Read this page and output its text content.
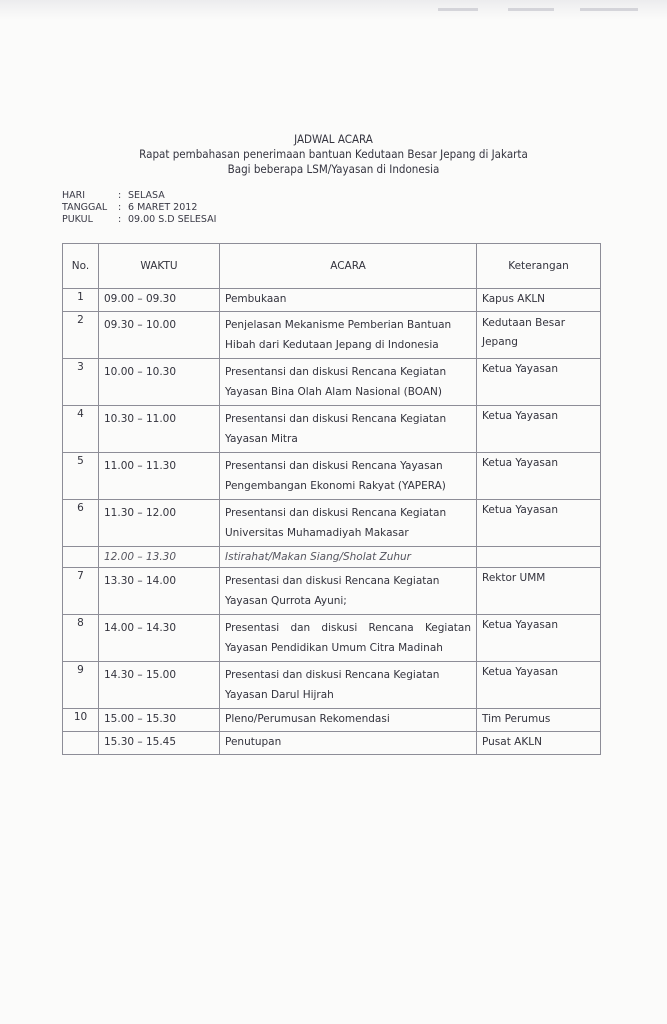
JADWAL ACARA
Rapat pembahasan penerimaan bantuan Kedutaan Besar Jepang di Jakarta
Bagi beberapa LSM/Yayasan di Indonesia
HARI	: SELASA
TANGGAL	: 6 MARET 2012
PUKUL	: 09.00 S.D SELESAI
No.	WAKTU	ACARA	Keterangan
1	09.00 – 09.30	Pembukaan	Kapus AKLN

2	09.30 – 10.00	Penjelasan Mekanisme Pemberian Bantuan
Hibah dari Kedutaan Jepang di Indonesia	Kedutaan Besar Jepang

3	10.00 – 10.30	Presentansi dan diskusi Rencana Kegiatan
Yayasan Bina Olah Alam Nasional (BOAN)	Ketua Yayasan

4	10.30 – 11.00	Presentansi dan diskusi Rencana Kegiatan
Yayasan Mitra	Ketua Yayasan

5	11.00 – 11.30	Presentansi dan diskusi Rencana Yayasan
Pengembangan Ekonomi Rakyat (YAPERA)	Ketua Yayasan

6	11.30 – 12.00	Presentansi dan diskusi Rencana Kegiatan
Universitas Muhamadiyah Makasar	Ketua Yayasan

	12.00 – 13.30	Istirahat/Makan Siang/Sholat Zuhur	

7	13.30 – 14.00	Presentasi dan diskusi Rencana Kegiatan
Yayasan Qurrota Ayuni;	Rektor UMM

8	14.00 – 14.30	Presentasi dan diskusi Rencana Kegiatan
Yayasan Pendidikan Umum Citra Madinah	Ketua Yayasan

9	14.30 – 15.00	Presentasi dan diskusi Rencana Kegiatan
Yayasan Darul Hijrah	Ketua Yayasan

10	15.00 – 15.30	Pleno/Perumusan Rekomendasi	Tim Perumus

	15.30 – 15.45	Penutupan	Pusat AKLN
